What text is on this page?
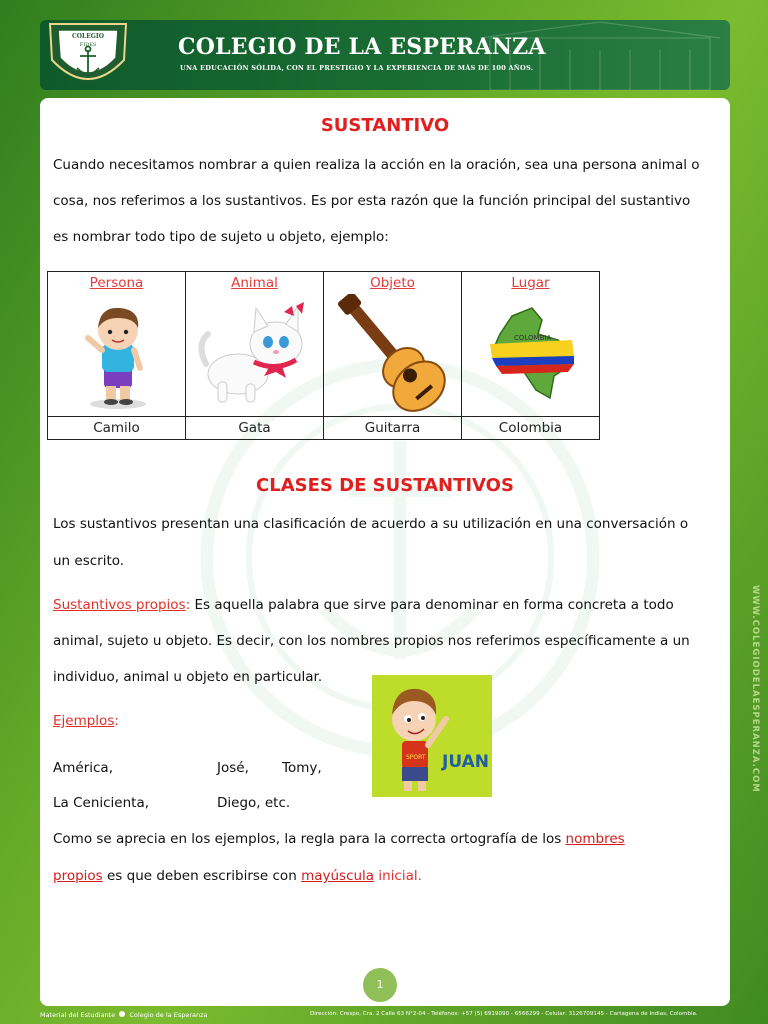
COLEGIO
FIDES
SPES
COLEGIO DE LA ESPERANZA
UNA EDUCACIÓN SÓLIDA, CON EL PRESTIGIO Y LA EXPERIENCIA DE MÁS DE 100 AÑOS.
SUSTANTIVO
Cuando necesitamos nombrar a quien realiza la acción en la oración, sea una persona animal o
cosa, nos referimos a los sustantivos. Es por esta razón que la función principal del sustantivo
es nombrar todo tipo de sujeto u objeto, ejemplo:
Persona	Animal	Objeto	Lugar

COLOMBIA

Camilo	Gata	Guitarra	Colombia
CLASES DE SUSTANTIVOS
Los sustantivos presentan una clasificación de acuerdo a su utilización en una conversación o
un escrito.
Sustantivos propios: Es aquella palabra que sirve para denominar en forma concreta a todo
animal, sujeto u objeto. Es decir, con los nombres propios nos referimos específicamente a un
individuo, animal u objeto en particular.
Ejemplos:
América,	José, Tomy,
La Cenicienta,	Diego, etc.
SPORT JUAN
Como se aprecia en los ejemplos, la regla para la correcta ortografía de los nombres
propios es que deben escribirse con mayúscula inicial.
1
WWW.COLEGIODELAESPERANZA.COM
Material del Estudiante Colegio de la Esperanza	Dirección: Crespo, Cra. 2 Calle 63 N°2-04 - Teléfonos: +57 (5) 6919090 - 6566299 - Celular: 3126709145 - Cartagena de Indias, Colombia.
